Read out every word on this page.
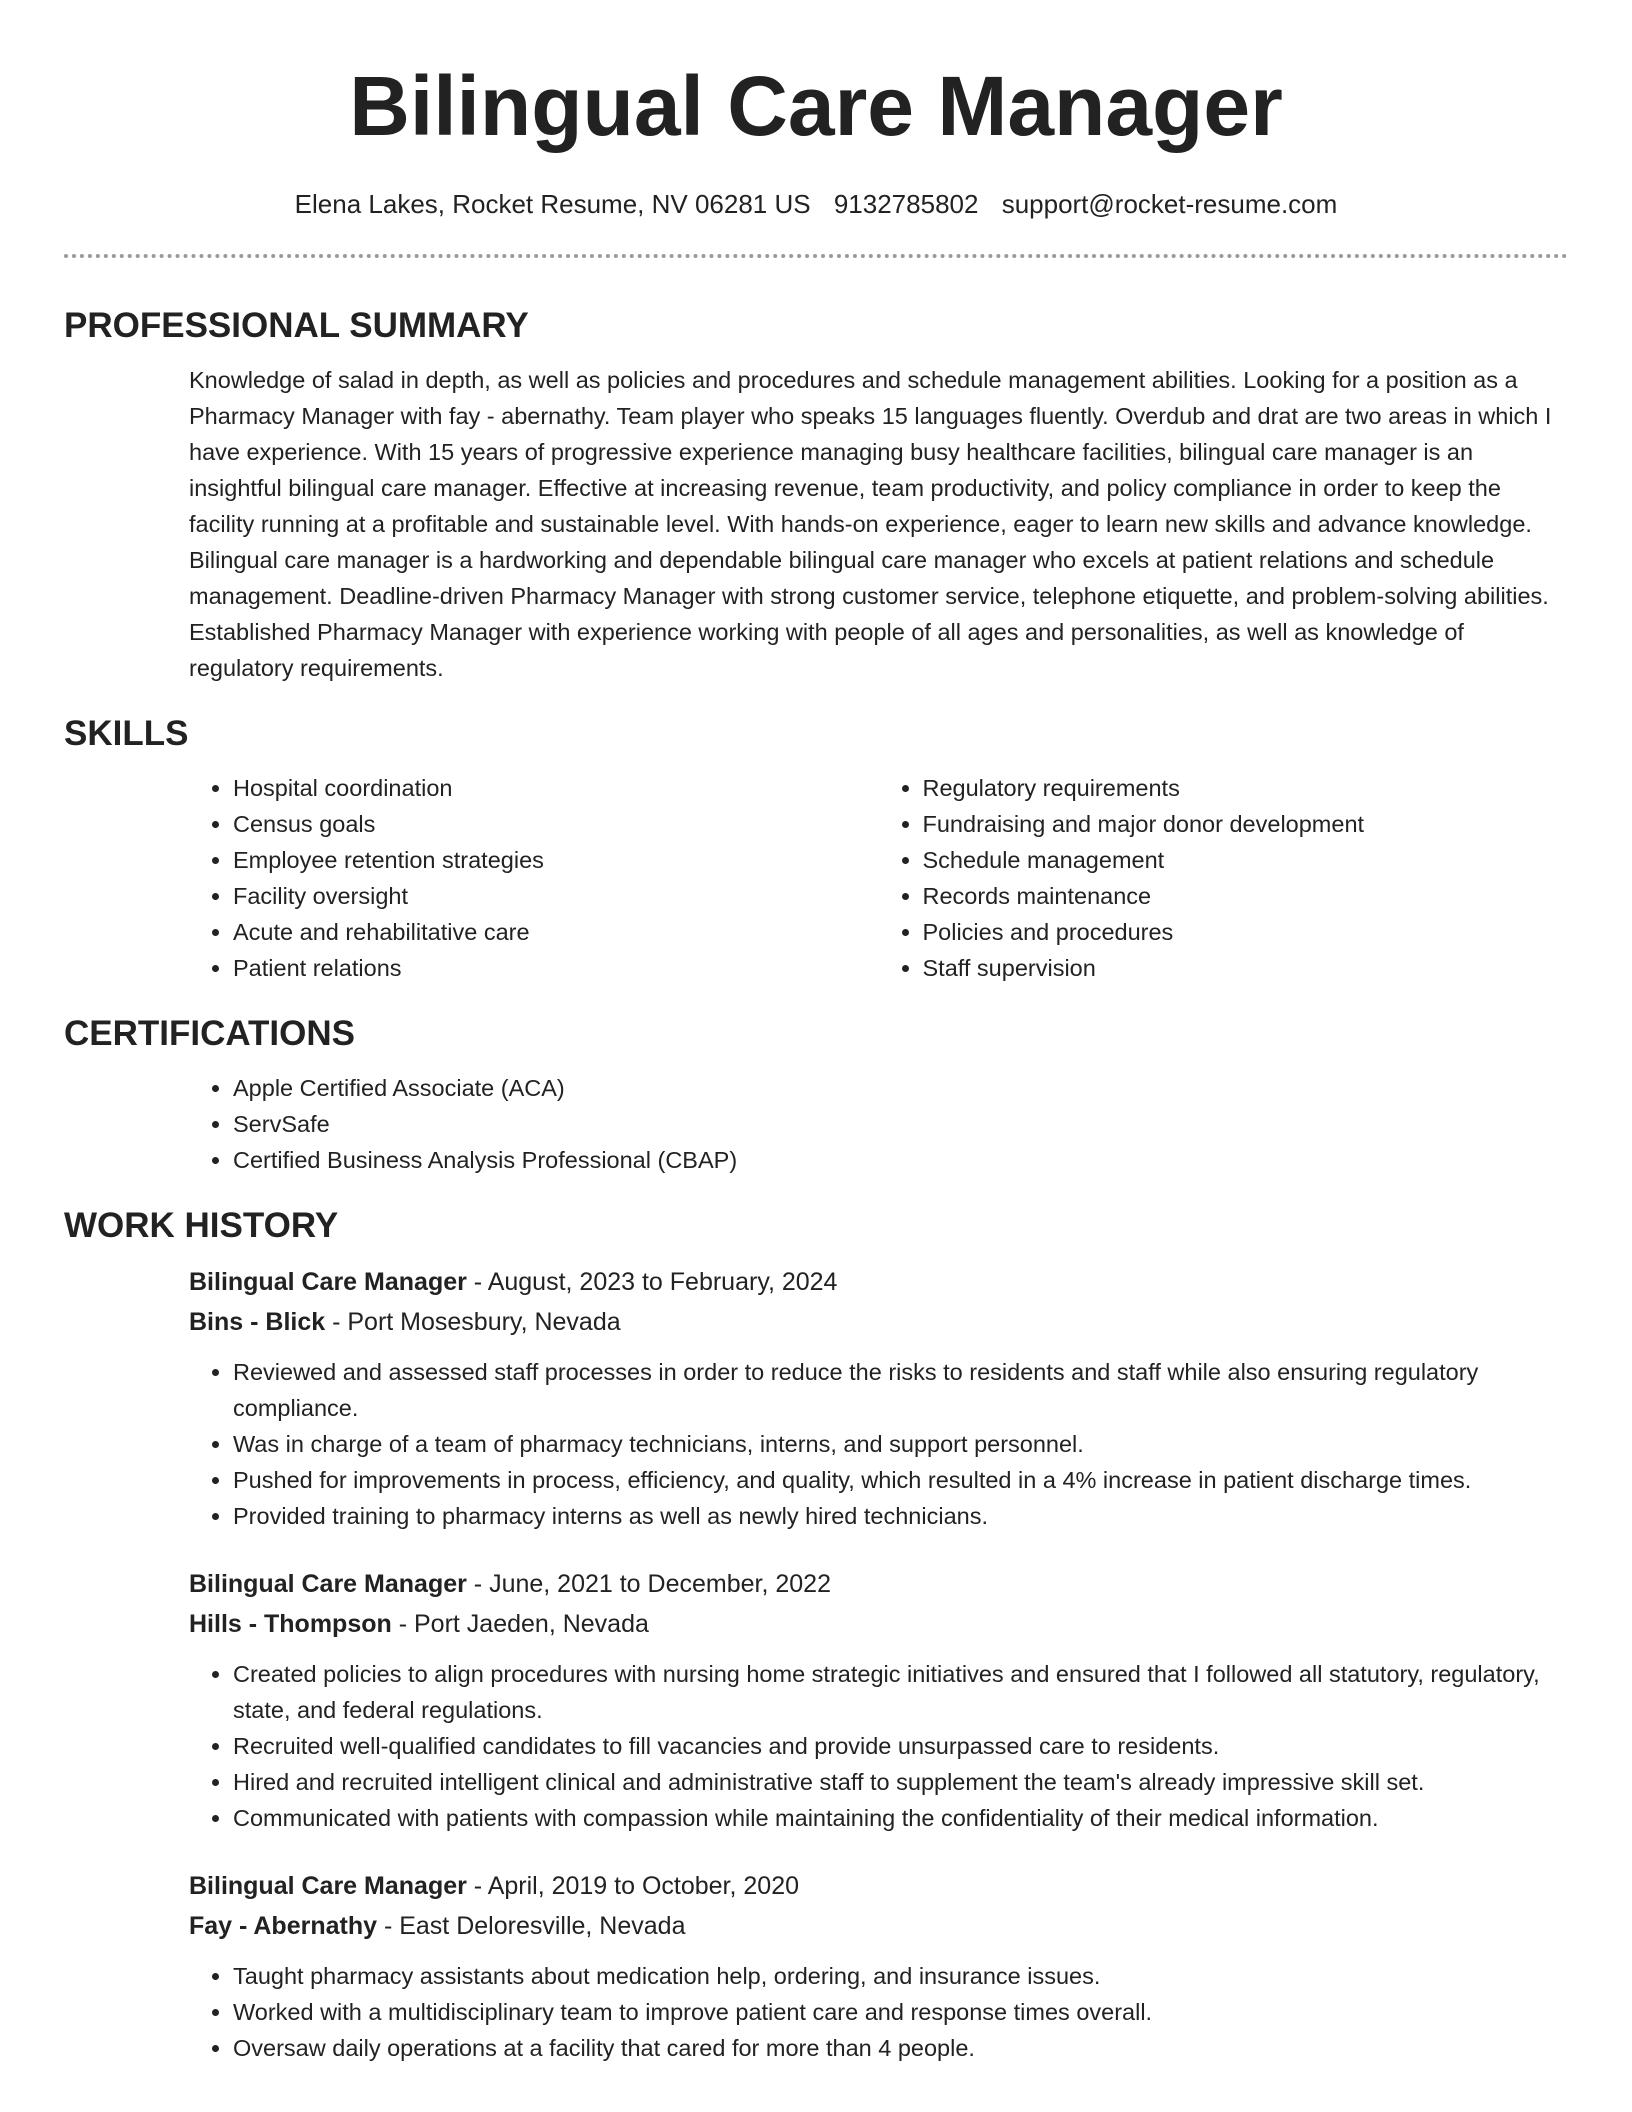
Bilingual Care Manager
Elena Lakes, Rocket Resume, NV 06281 US 9132785802 support@rocket-resume.com
PROFESSIONAL SUMMARY

Knowledge of salad in depth, as well as policies and procedures and schedule management abilities. Looking for a position as a Pharmacy Manager with fay - abernathy. Team player who speaks 15 languages fluently. Overdub and drat are two areas in which I have experience. With 15 years of progressive experience managing busy healthcare facilities, bilingual care manager is an insightful bilingual care manager. Effective at increasing revenue, team productivity, and policy compliance in order to keep the facility running at a profitable and sustainable level. With hands-on experience, eager to learn new skills and advance knowledge. Bilingual care manager is a hardworking and dependable bilingual care manager who excels at patient relations and schedule management. Deadline-driven Pharmacy Manager with strong customer service, telephone etiquette, and problem-solving abilities. Established Pharmacy Manager with experience working with people of all ages and personalities, as well as knowledge of regulatory requirements.

SKILLS
• Hospital coordination
• Census goals
• Employee retention strategies
• Facility oversight
• Acute and rehabilitative care
• Patient relations
• Regulatory requirements
• Fundraising and major donor development
• Schedule management
• Records maintenance
• Policies and procedures
• Staff supervision
CERTIFICATIONS
• Apple Certified Associate (ACA)
• ServSafe
• Certified Business Analysis Professional (CBAP)
WORK HISTORY
Bilingual Care Manager - August, 2023 to February, 2024
Bins - Blick - Port Mosesbury, Nevada
• Reviewed and assessed staff processes in order to reduce the risks to residents and staff while also ensuring regulatory compliance.
• Was in charge of a team of pharmacy technicians, interns, and support personnel.
• Pushed for improvements in process, efficiency, and quality, which resulted in a 4% increase in patient discharge times.
• Provided training to pharmacy interns as well as newly hired technicians.
Bilingual Care Manager - June, 2021 to December, 2022
Hills - Thompson - Port Jaeden, Nevada
• Created policies to align procedures with nursing home strategic initiatives and ensured that I followed all statutory, regulatory, state, and federal regulations.
• Recruited well-qualified candidates to fill vacancies and provide unsurpassed care to residents.
• Hired and recruited intelligent clinical and administrative staff to supplement the team's already impressive skill set.
• Communicated with patients with compassion while maintaining the confidentiality of their medical information.
Bilingual Care Manager - April, 2019 to October, 2020
Fay - Abernathy - East Deloresville, Nevada
• Taught pharmacy assistants about medication help, ordering, and insurance issues.
• Worked with a multidisciplinary team to improve patient care and response times overall.
• Oversaw daily operations at a facility that cared for more than 4 people.
